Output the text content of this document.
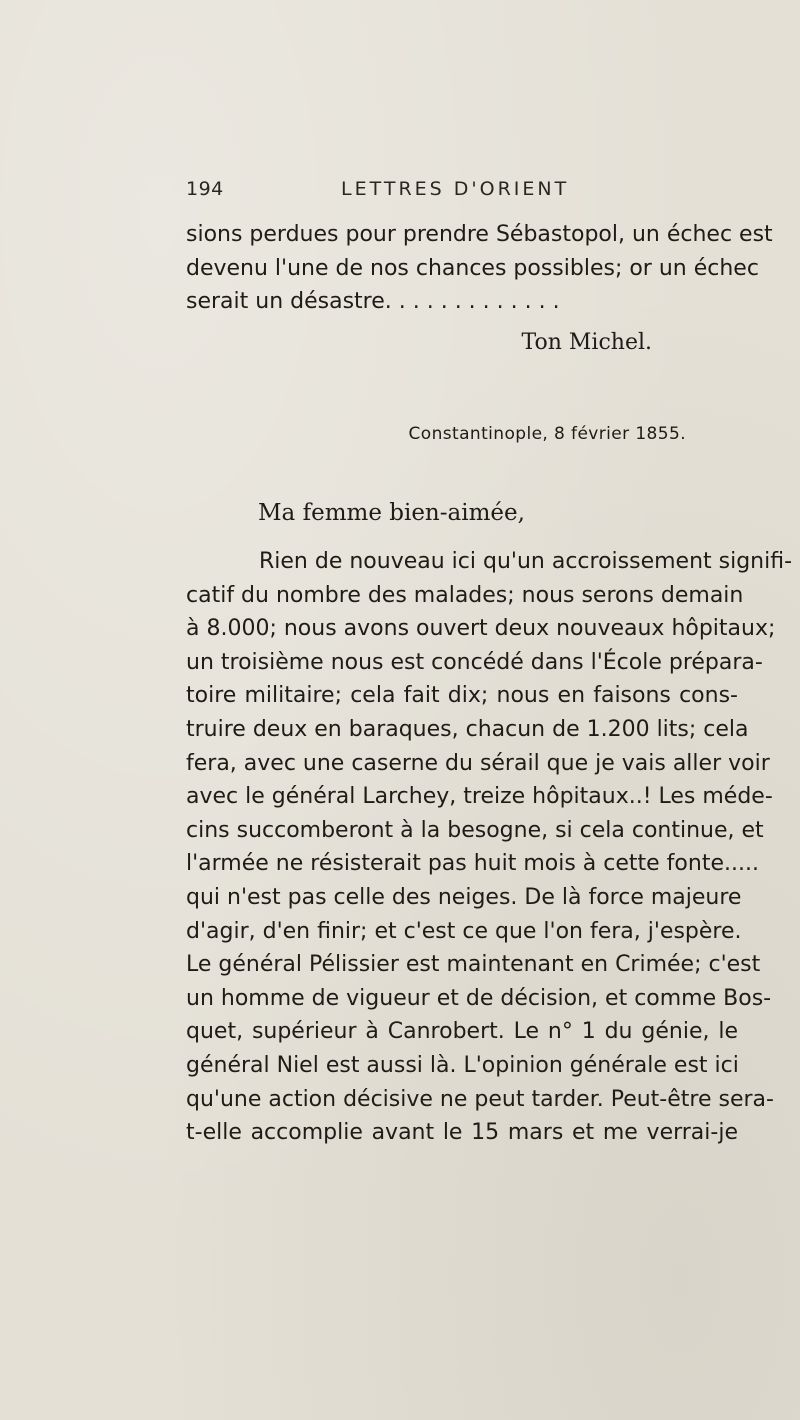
194	LETTRES D'ORIENT
sions perdues pour prendre Sébastopol, un échec est
devenu l'une de nos chances possibles; or un échec
serait un désastre. . . . . . . . . . . . .
Ton Michel.
Constantinople, 8 février 1855.
Ma femme bien-aimée,
Rien de nouveau ici qu'un accroissement signifi-
catif du nombre des malades; nous serons demain
à 8.000; nous avons ouvert deux nouveaux hôpitaux;
un troisième nous est concédé dans l'École prépara-
toire militaire; cela fait dix; nous en faisons cons-
truire deux en baraques, chacun de 1.200 lits; cela
fera, avec une caserne du sérail que je vais aller voir
avec le général Larchey, treize hôpitaux..! Les méde-
cins succomberont à la besogne, si cela continue, et
l'armée ne résisterait pas huit mois à cette fonte.....
qui n'est pas celle des neiges. De là force majeure
d'agir, d'en finir; et c'est ce que l'on fera, j'espère.
Le général Pélissier est maintenant en Crimée; c'est
un homme de vigueur et de décision, et comme Bos-
quet, supérieur à Canrobert. Le n° 1 du génie, le
général Niel est aussi là. L'opinion générale est ici
qu'une action décisive ne peut tarder. Peut-être sera-
t-elle accomplie avant le 15 mars et me verrai-je
